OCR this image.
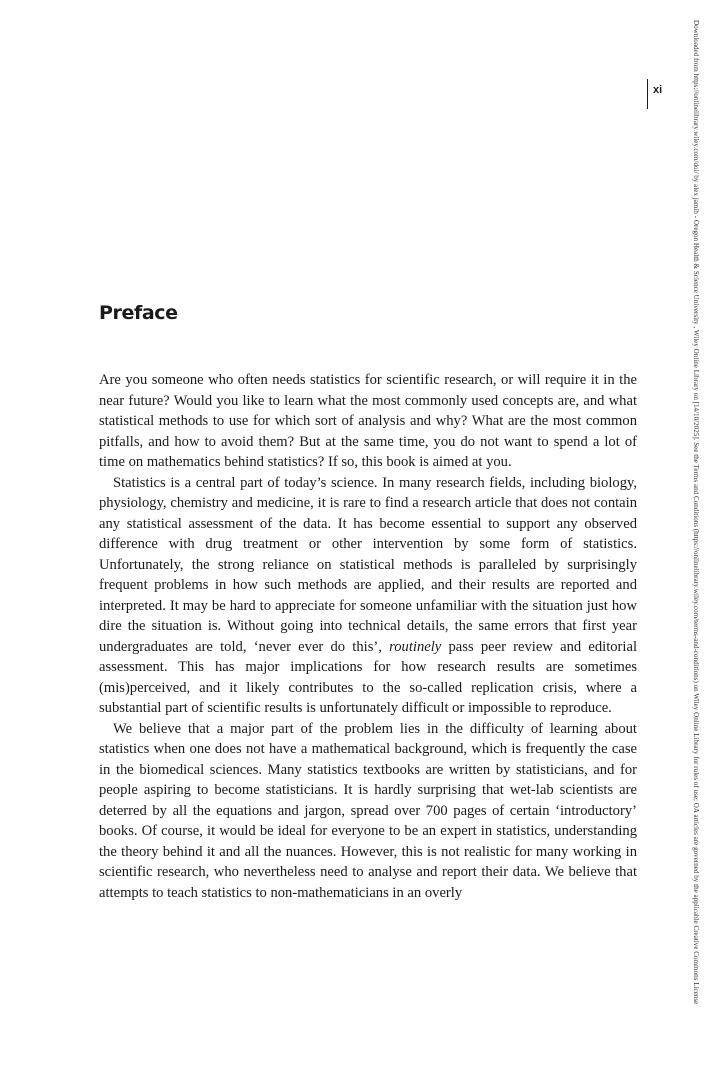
xi	Downloaded from https://onlinelibrary.wiley.com/doi/ by alex jamib - Oregon Health & Science University , Wiley Online Library on [14/10/2025]. See the Terms and Conditions (https://onlinelibrary.wiley.com/terms-and-conditions) on Wiley Online Library for rules of use; OA articles are governed by the applicable Creative Commons License
Preface

Are you someone who often needs statistics for scientific research, or will require it in the near future? Would you like to learn what the most commonly used concepts are, and what statistical methods to use for which sort of analysis and why? What are the most common pitfalls, and how to avoid them? But at the same time, you do not want to spend a lot of time on mathematics behind statistics? If so, this book is aimed at you.

Statistics is a central part of today’s science. In many research fields, including biology, physiology, chemistry and medicine, it is rare to find a research article that does not contain any statistical assessment of the data. It has become essential to support any observed difference with drug treatment or other intervention by some form of statistics. Unfortunately, the strong reliance on statistical methods is paralleled by surprisingly frequent problems in how such methods are applied, and their results are reported and interpreted. It may be hard to appreciate for someone unfamiliar with the situation just how dire the situation is. Without going into technical details, the same errors that first year undergraduates are told, ‘never ever do this’, routinely pass peer review and editorial assessment. This has major implications for how research results are sometimes (mis)perceived, and it likely contributes to the so-called replication crisis, where a substantial part of scientific results is unfortunately difficult or impossible to reproduce.

We believe that a major part of the problem lies in the difficulty of learning about statistics when one does not have a mathematical background, which is frequently the case in the biomedical sciences. Many statistics textbooks are written by statisticians, and for people aspiring to become statisticians. It is hardly surprising that wet-lab scientists are deterred by all the equations and jargon, spread over 700 pages of certain ‘introductory’ books. Of course, it would be ideal for everyone to be an expert in statistics, understanding the theory behind it and all the nuances. However, this is not realistic for many working in scientific research, who nevertheless need to analyse and report their data. We believe that attempts to teach statistics to non-mathematicians in an overly
